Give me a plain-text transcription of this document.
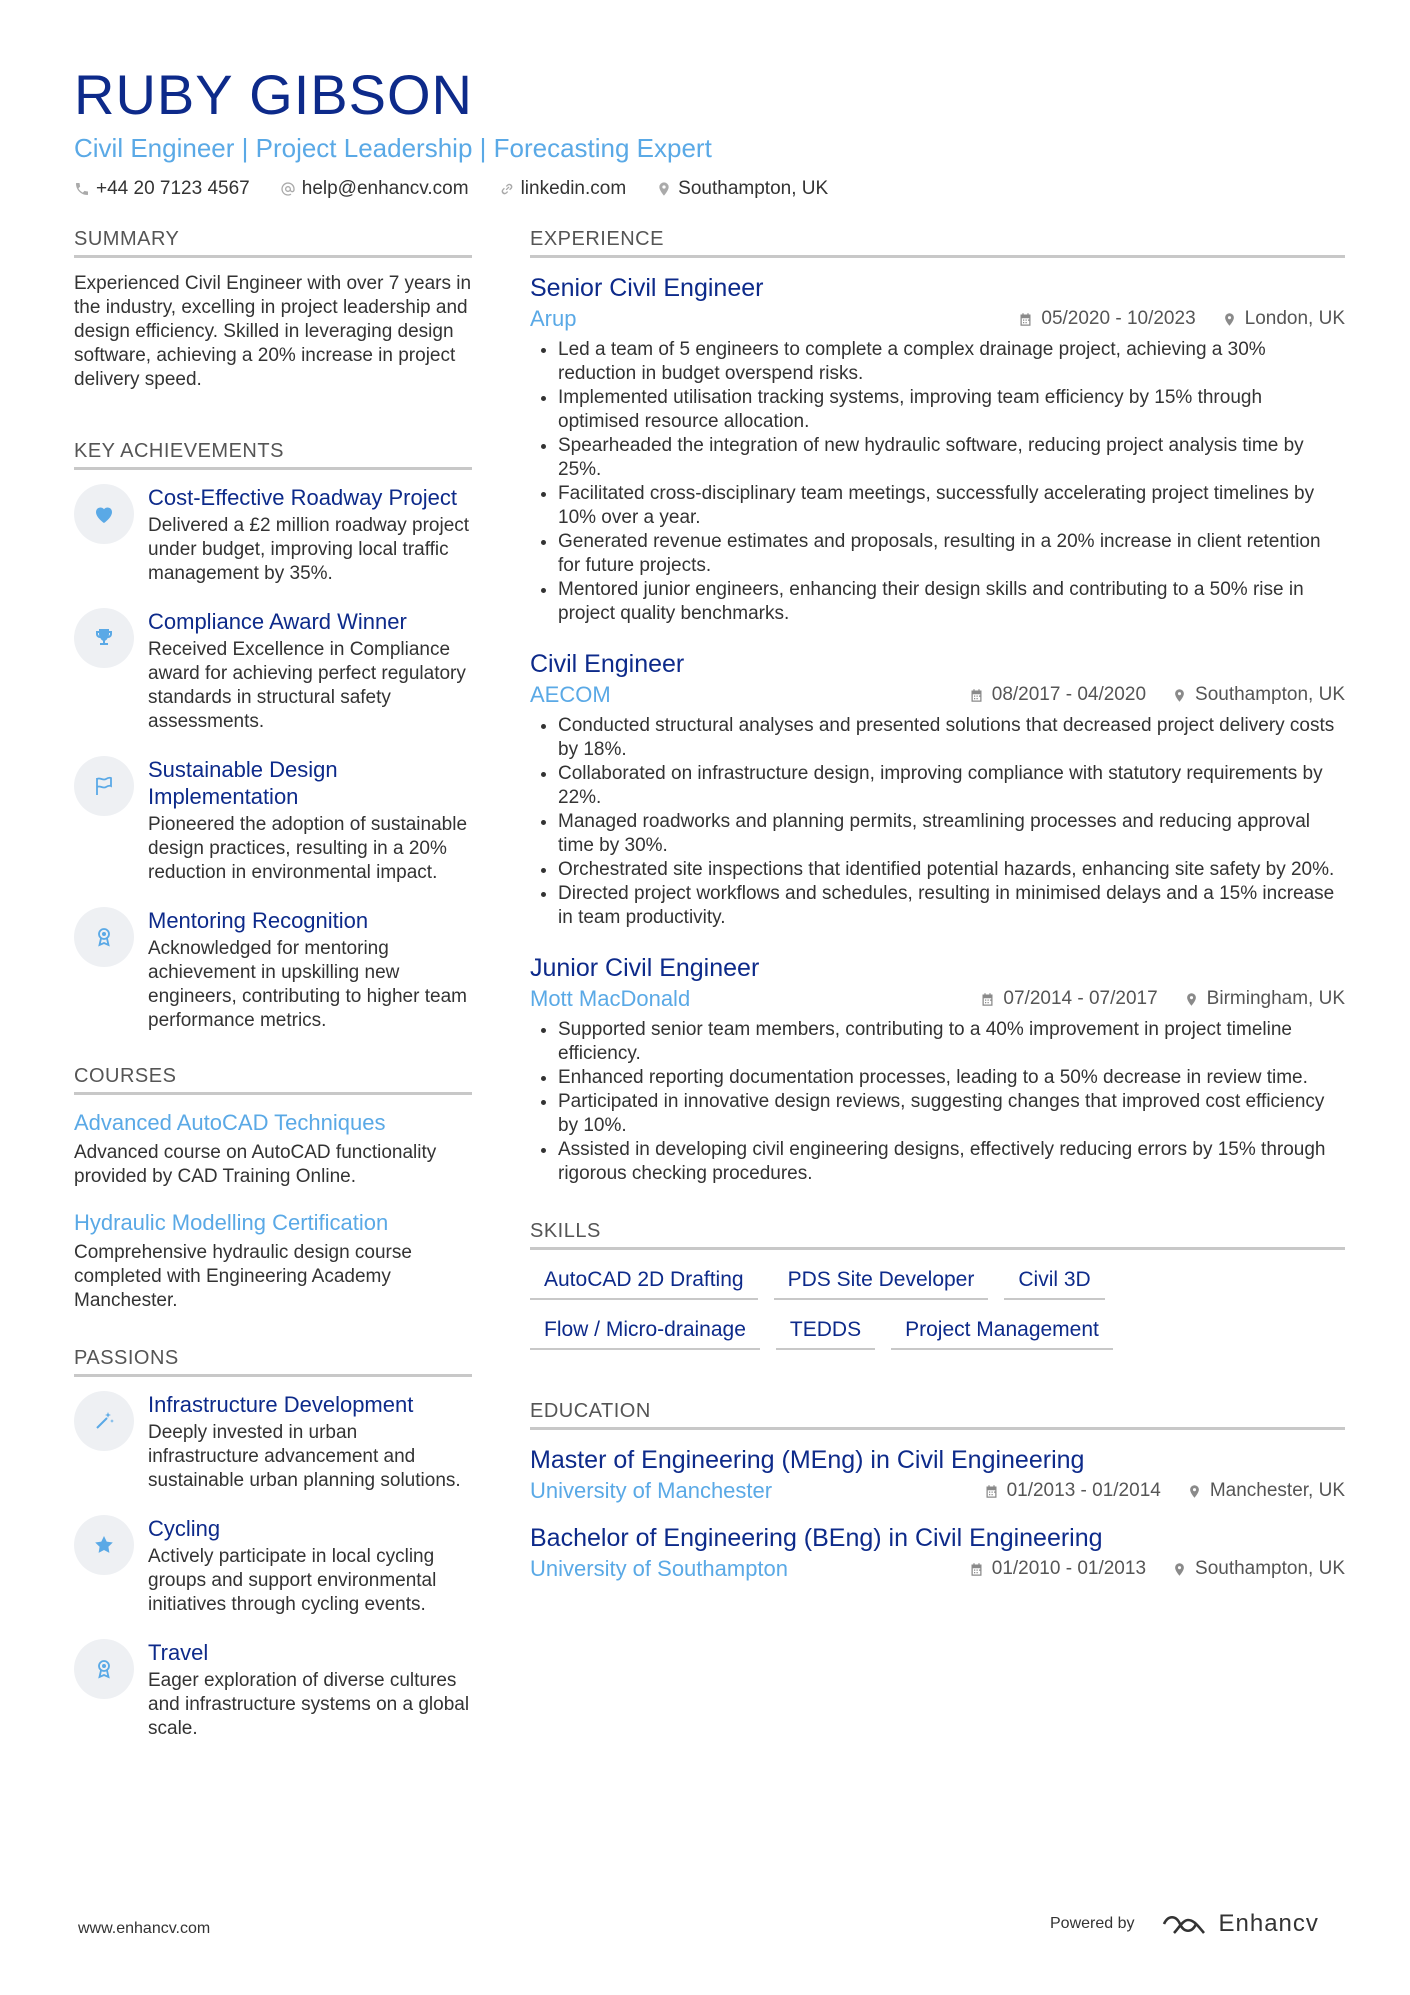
RUBY GIBSON
Civil Engineer | Project Leadership | Forecasting Expert
+44 20 7123 4567	help@enhancv.com	linkedin.com	Southampton, UK
SUMMARY

Experienced Civil Engineer with over 7 years in the industry, excelling in project leadership and design efficiency. Skilled in leveraging design software, achieving a 20% increase in project delivery speed.

KEY ACHIEVEMENTS
Cost-Effective Roadway Project

Delivered a £2 million roadway project under budget, improving local traffic management by 35%.

Compliance Award Winner

Received Excellence in Compliance award for achieving perfect regulatory standards in structural safety assessments.

Sustainable Design Implementation

Pioneered the adoption of sustainable design practices, resulting in a 20% reduction in environmental impact.

Mentoring Recognition

Acknowledged for mentoring achievement in upskilling new engineers, contributing to higher team performance metrics.

COURSES
Advanced AutoCAD Techniques

Advanced course on AutoCAD functionality provided by CAD Training Online.

Hydraulic Modelling Certification

Comprehensive hydraulic design course completed with Engineering Academy Manchester.

PASSIONS
Infrastructure Development

Deeply invested in urban infrastructure advancement and sustainable urban planning solutions.

Cycling

Actively participate in local cycling groups and support environmental initiatives through cycling events.

Travel

Eager exploration of diverse cultures and infrastructure systems on a global scale.

EXPERIENCE
Senior Civil Engineer
Arup	05/2020 - 10/2023	London, UK
• Led a team of 5 engineers to complete a complex drainage project, achieving a 30% reduction in budget overspend risks.
• Implemented utilisation tracking systems, improving team efficiency by 15% through optimised resource allocation.
• Spearheaded the integration of new hydraulic software, reducing project analysis time by 25%.
• Facilitated cross-disciplinary team meetings, successfully accelerating project timelines by 10% over a year.
• Generated revenue estimates and proposals, resulting in a 20% increase in client retention for future projects.
• Mentored junior engineers, enhancing their design skills and contributing to a 50% rise in project quality benchmarks.
Civil Engineer
AECOM	08/2017 - 04/2020	Southampton, UK
• Conducted structural analyses and presented solutions that decreased project delivery costs by 18%.
• Collaborated on infrastructure design, improving compliance with statutory requirements by 22%.
• Managed roadworks and planning permits, streamlining processes and reducing approval time by 30%.
• Orchestrated site inspections that identified potential hazards, enhancing site safety by 20%.
• Directed project workflows and schedules, resulting in minimised delays and a 15% increase in team productivity.
Junior Civil Engineer
Mott MacDonald	07/2014 - 07/2017	Birmingham, UK
• Supported senior team members, contributing to a 40% improvement in project timeline efficiency.
• Enhanced reporting documentation processes, leading to a 50% decrease in review time.
• Participated in innovative design reviews, suggesting changes that improved cost efficiency by 10%.
• Assisted in developing civil engineering designs, effectively reducing errors by 15% through rigorous checking procedures.
SKILLS
AutoCAD 2D Drafting	PDS Site Developer	Civil 3D
Flow / Micro-drainage	TEDDS	Project Management
EDUCATION
Master of Engineering (MEng) in Civil Engineering
University of Manchester	01/2013 - 01/2014	Manchester, UK
Bachelor of Engineering (BEng) in Civil Engineering
University of Southampton	01/2010 - 01/2013	Southampton, UK
www.enhancv.com	Powered by	Enhancv
